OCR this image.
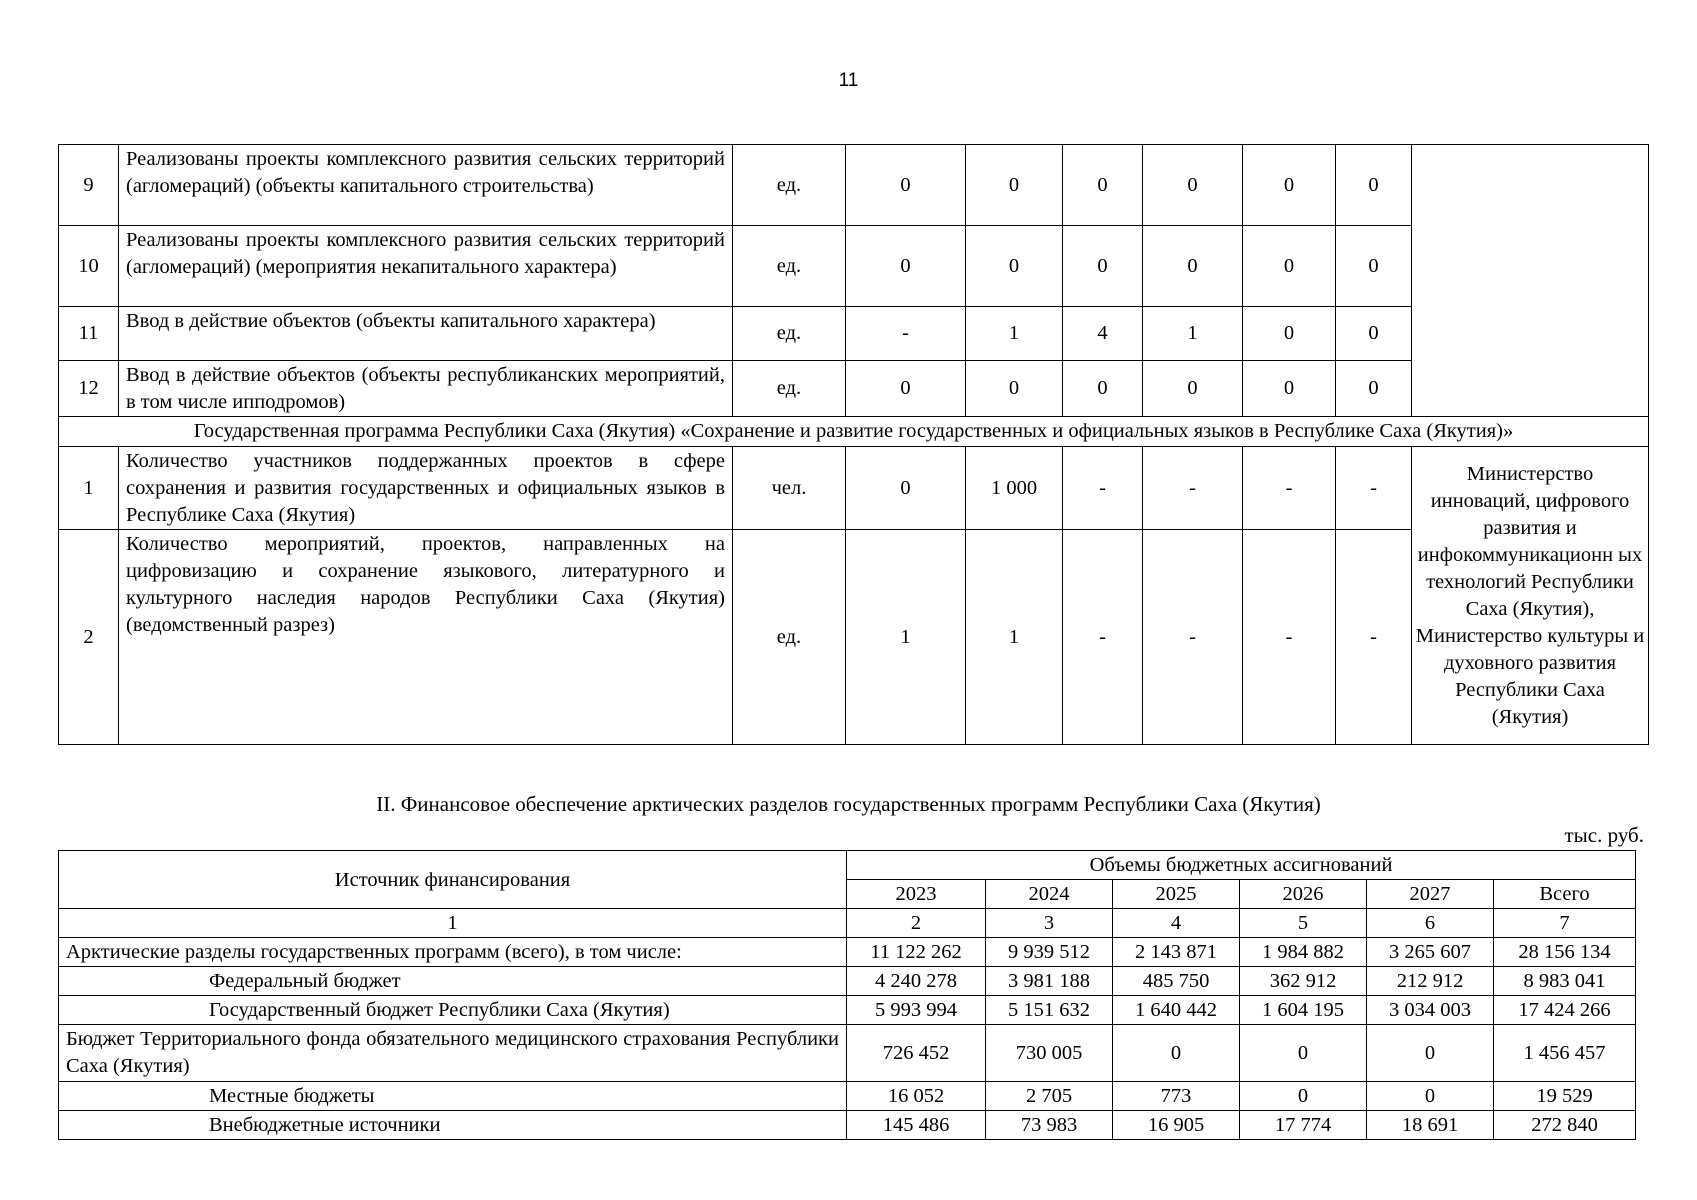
11
9	Реализованы проекты комплексного развития сельских территорий (агломераций) (объекты капитального строительства)	ед.	0	0	0	0	0	0	
10	Реализованы проекты комплексного развития сельских территорий (агломераций) (мероприятия некапитального характера)	ед.	0	0	0	0	0	0	
11	Ввод в действие объектов (объекты капитального характера)	ед.	-	1	4	1	0	0	
12	Ввод в действие объектов (объекты республиканских мероприятий, в том числе ипподромов)	ед.	0	0	0	0	0	0	
Государственная программа Республики Саха (Якутия) «Сохранение и развитие государственных и официальных языков в Республике Саха (Якутия)»									
1	Количество участников поддержанных проектов в сфере сохранения и развития государственных и официальных языков в Республике Саха (Якутия)	чел.	0	1 000	-	-	-	-	Министерство инноваций, цифрового развития и инфокоммуникационн ых технологий Республики Саха (Якутия), Министерство культуры и духовного развития Республики Саха (Якутия)
2	Количество мероприятий, проектов, направленных на цифровизацию и сохранение языкового, литературного и культурного наследия народов Республики Саха (Якутия) (ведомственный разрез)	ед.	1	1	-	-	-	-	
II. Финансовое обеспечение арктических разделов государственных программ Республики Саха (Якутия)
тыс. руб.
Источник финансирования	Объемы бюджетных ассигнований					
	2023	2024	2025	2026	2027	Всего
1	2	3	4	5	6	7
Арктические разделы государственных программ (всего), в том числе:	11 122 262	9 939 512	2 143 871	1 984 882	3 265 607	28 156 134
Федеральный бюджет	4 240 278	3 981 188	485 750	362 912	212 912	8 983 041
Государственный бюджет Республики Саха (Якутия)	5 993 994	5 151 632	1 640 442	1 604 195	3 034 003	17 424 266
Бюджет Территориального фонда обязательного медицинского страхования Республики Саха (Якутия)	726 452	730 005	0	0	0	1 456 457
Местные бюджеты	16 052	2 705	773	0	0	19 529
Внебюджетные источники	145 486	73 983	16 905	17 774	18 691	272 840
